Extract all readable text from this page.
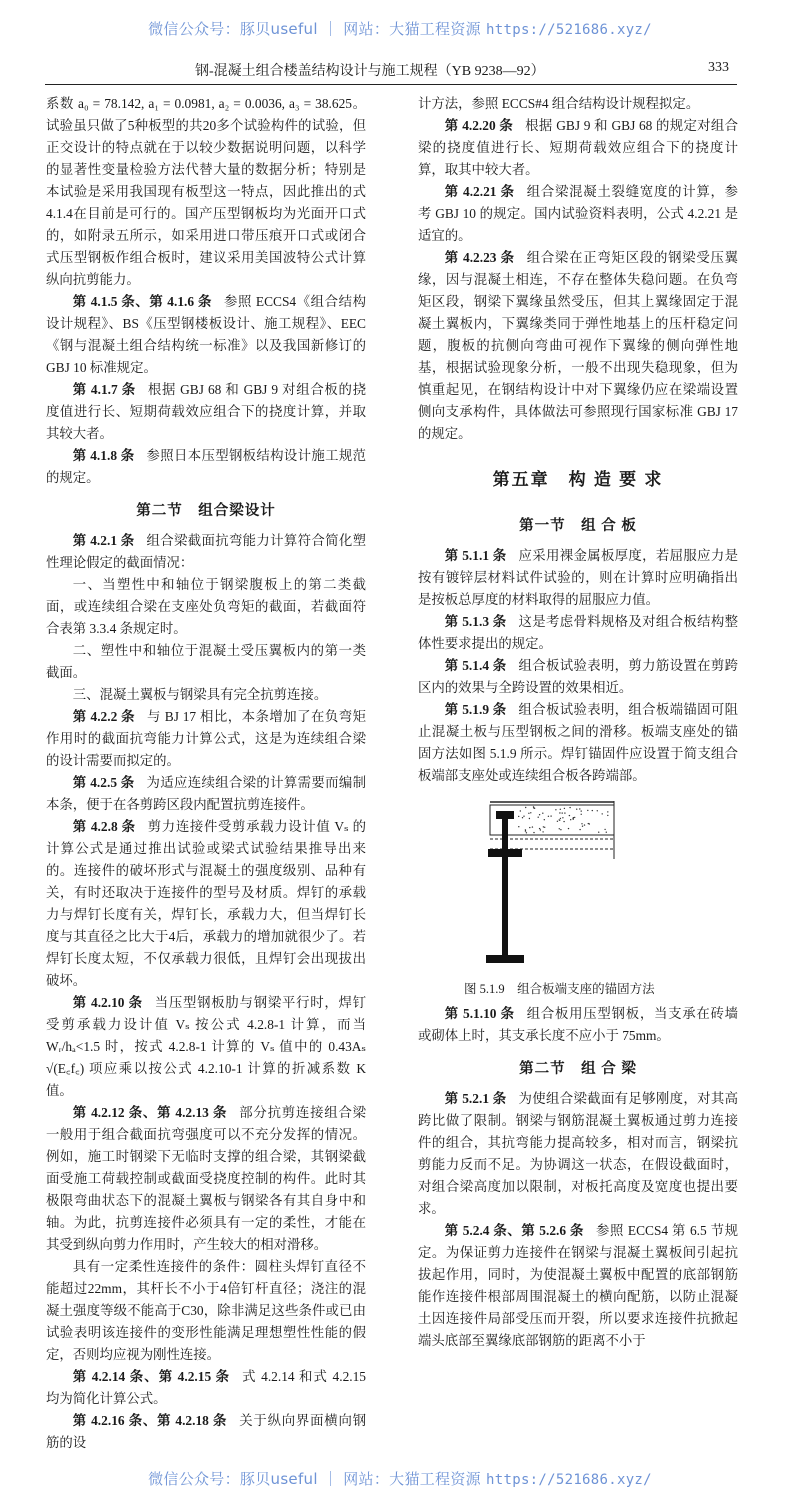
微信公众号：豚贝useful ｜ 网站：大猫工程资源 https://521686.xyz/
钢-混凝土组合楼盖结构设计与施工规程（YB 9238—92）	333

系数 a₀ = 78.142, a₁ = 0.0981, a₂ = 0.0036, a₃ = 38.625。试验虽只做了5种板型的共20多个试验构件的试验，但正交设计的特点就在于以较少数据说明问题，以科学的显著性变量检验方法代替大量的数据分析；特别是本试验是采用我国现有板型这一特点，因此推出的式4.1.4在目前是可行的。国产压型钢板均为光面开口式的，如附录五所示，如采用进口带压痕开口式或闭合式压型钢板作组合板时，建议采用美国波特公式计算纵向抗剪能力。

第 4.1.5 条、第 4.1.6 条 参照 ECCS4《组合结构设计规程》、BS《压型钢楼板设计、施工规程》、EEC《钢与混凝土组合结构统一标准》以及我国新修订的 GBJ 10 标准规定。

第 4.1.7 条 根据 GBJ 68 和 GBJ 9 对组合板的挠度值进行长、短期荷载效应组合下的挠度计算，并取其较大者。

第 4.1.8 条 参照日本压型钢板结构设计施工规范的规定。

第二节　组合梁设计

第 4.2.1 条 组合梁截面抗弯能力计算符合简化塑性理论假定的截面情况：

一、当塑性中和轴位于钢梁腹板上的第二类截面，或连续组合梁在支座处负弯矩的截面，若截面符合表第 3.3.4 条规定时。

二、塑性中和轴位于混凝土受压翼板内的第一类截面。

三、混凝土翼板与钢梁具有完全抗剪连接。

第 4.2.2 条 与 BJ 17 相比，本条增加了在负弯矩作用时的截面抗弯能力计算公式，这是为连续组合梁的设计需要而拟定的。

第 4.2.5 条 为适应连续组合梁的计算需要而编制本条，便于在各剪跨区段内配置抗剪连接件。

第 4.2.8 条 剪力连接件受剪承载力设计值 Vₛ 的计算公式是通过推出试验或梁式试验结果推导出来的。连接件的破坏形式与混凝土的强度级别、品种有关，有时还取决于连接件的型号及材质。焊钉的承载力与焊钉长度有关，焊钉长，承载力大，但当焊钉长度与其直径之比大于4后，承载力的增加就很少了。若焊钉长度太短，不仅承载力很低，且焊钉会出现拔出破坏。

第 4.2.10 条 当压型钢板肋与钢梁平行时，焊钉受剪承载力设计值 Vₛ 按公式 4.2.8-1 计算，而当 Wᵣ/hₐ<1.5 时，按式 4.2.8-1 计算的 Vₛ 值中的 0.43Aₛ √(E꜀f꜀) 项应乘以按公式 4.2.10-1 计算的折减系数 K 值。

第 4.2.12 条、第 4.2.13 条 部分抗剪连接组合梁一般用于组合截面抗弯强度可以不充分发挥的情况。例如，施工时钢梁下无临时支撑的组合梁，其钢梁截面受施工荷载控制或截面受挠度控制的构件。此时其极限弯曲状态下的混凝土翼板与钢梁各有其自身中和轴。为此，抗剪连接件必须具有一定的柔性，才能在其受到纵向剪力作用时，产生较大的相对滑移。

具有一定柔性连接件的条件：圆柱头焊钉直径不能超过22mm，其杆长不小于4倍钉杆直径；浇注的混凝土强度等级不能高于C30，除非满足这些条件或已由试验表明该连接件的变形性能满足理想塑性性能的假定，否则均应视为刚性连接。

第 4.2.14 条、第 4.2.15 条 式 4.2.14 和式 4.2.15 均为简化计算公式。

第 4.2.16 条、第 4.2.18 条 关于纵向界面横向钢筋的设

计方法，参照 ECCS#4 组合结构设计规程拟定。

第 4.2.20 条 根据 GBJ 9 和 GBJ 68 的规定对组合梁的挠度值进行长、短期荷载效应组合下的挠度计算，取其中较大者。

第 4.2.21 条 组合梁混凝土裂缝宽度的计算，参考 GBJ 10 的规定。国内试验资料表明，公式 4.2.21 是适宜的。

第 4.2.23 条 组合梁在正弯矩区段的钢梁受压翼缘，因与混凝土相连，不存在整体失稳问题。在负弯矩区段，钢梁下翼缘虽然受压，但其上翼缘固定于混凝土翼板内，下翼缘类同于弹性地基上的压杆稳定问题，腹板的抗侧向弯曲可视作下翼缘的侧向弹性地基，根据试验现象分析，一般不出现失稳现象，但为慎重起见，在钢结构设计中对下翼缘仍应在梁端设置侧向支承构件，具体做法可参照现行国家标准 GBJ 17 的规定。

第五章　构 造 要 求
第一节　组 合 板

第 5.1.1 条 应采用裸金属板厚度，若屈服应力是按有镀锌层材料试件试验的，则在计算时应明确指出是按板总厚度的材料取得的屈服应力值。

第 5.1.3 条 这是考虑骨料规格及对组合板结构整体性要求提出的规定。

第 5.1.4 条 组合板试验表明，剪力筋设置在剪跨区内的效果与全跨设置的效果相近。

第 5.1.9 条 组合板试验表明，组合板端锚固可阻止混凝土板与压型钢板之间的滑移。板端支座处的锚固方法如图 5.1.9 所示。焊钉锚固件应设置于简支组合板端部支座处或连续组合板各跨端部。

图 5.1.9　组合板端支座的锚固方法

第 5.1.10 条 组合板用压型钢板，当支承在砖墙或砌体上时，其支承长度不应小于 75mm。

第二节　组 合 梁

第 5.2.1 条 为使组合梁截面有足够刚度，对其高跨比做了限制。钢梁与钢筋混凝土翼板通过剪力连接件的组合，其抗弯能力提高较多，相对而言，钢梁抗剪能力反而不足。为协调这一状态，在假设截面时，对组合梁高度加以限制，对板托高度及宽度也提出要求。

第 5.2.4 条、第 5.2.6 条 参照 ECCS4 第 6.5 节规定。为保证剪力连接件在钢梁与混凝土翼板间引起抗拔起作用，同时，为使混凝土翼板中配置的底部钢筋能作连接件根部周围混凝土的横向配筋，以防止混凝土因连接件局部受压而开裂，所以要求连接件抗掀起端头底部至翼缘底部钢筋的距离不小于

微信公众号：豚贝useful ｜ 网站：大猫工程资源 https://521686.xyz/
